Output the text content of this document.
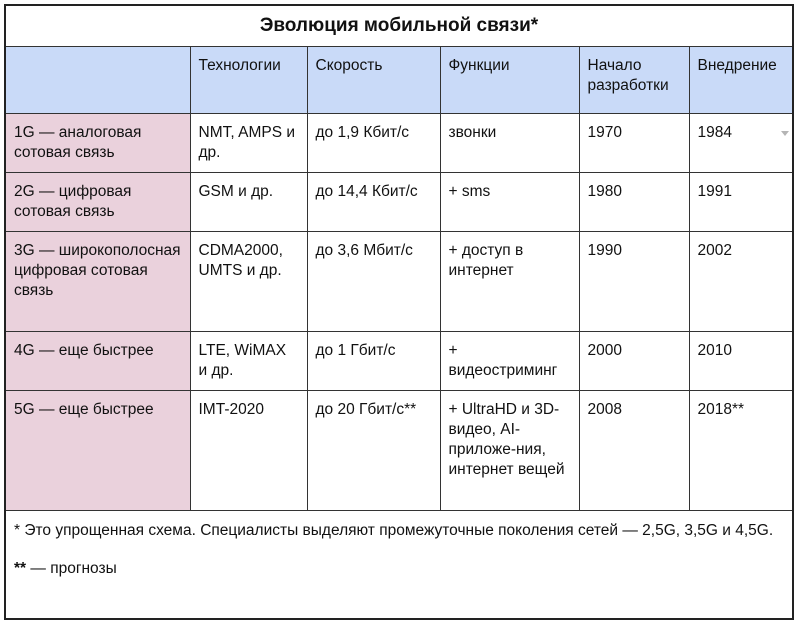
Эволюция мобильной связи*
	Технологии	Скорость	Функции	Начало разработки	Внедрение
1G — аналоговая сотовая связь	NMT, AMPS и др.	до 1,9 Кбит/с	звонки	1970	1984
2G — цифровая сотовая связь	GSM и др.	до 14,4 Кбит/с	+ sms	1980	1991
3G — широкополосная цифровая сотовая связь	CDMA2000, UMTS и др.	до 3,6 Мбит/с	+ доступ в интернет	1990	2002
4G — еще быстрее	LTE, WiMAX и др.	до 1 Гбит/с	+ видеостриминг	2000	2010
5G — еще быстрее	IMT-2020	до 20 Гбит/с**	+ UltraHD и 3D-видео, AI-приложе-ния, интернет вещей	2008	2018**
* Это упрощенная схема. Специалисты выделяют промежуточные поколения сетей — 2,5G, 3,5G и 4,5G.
** — прогнозы
